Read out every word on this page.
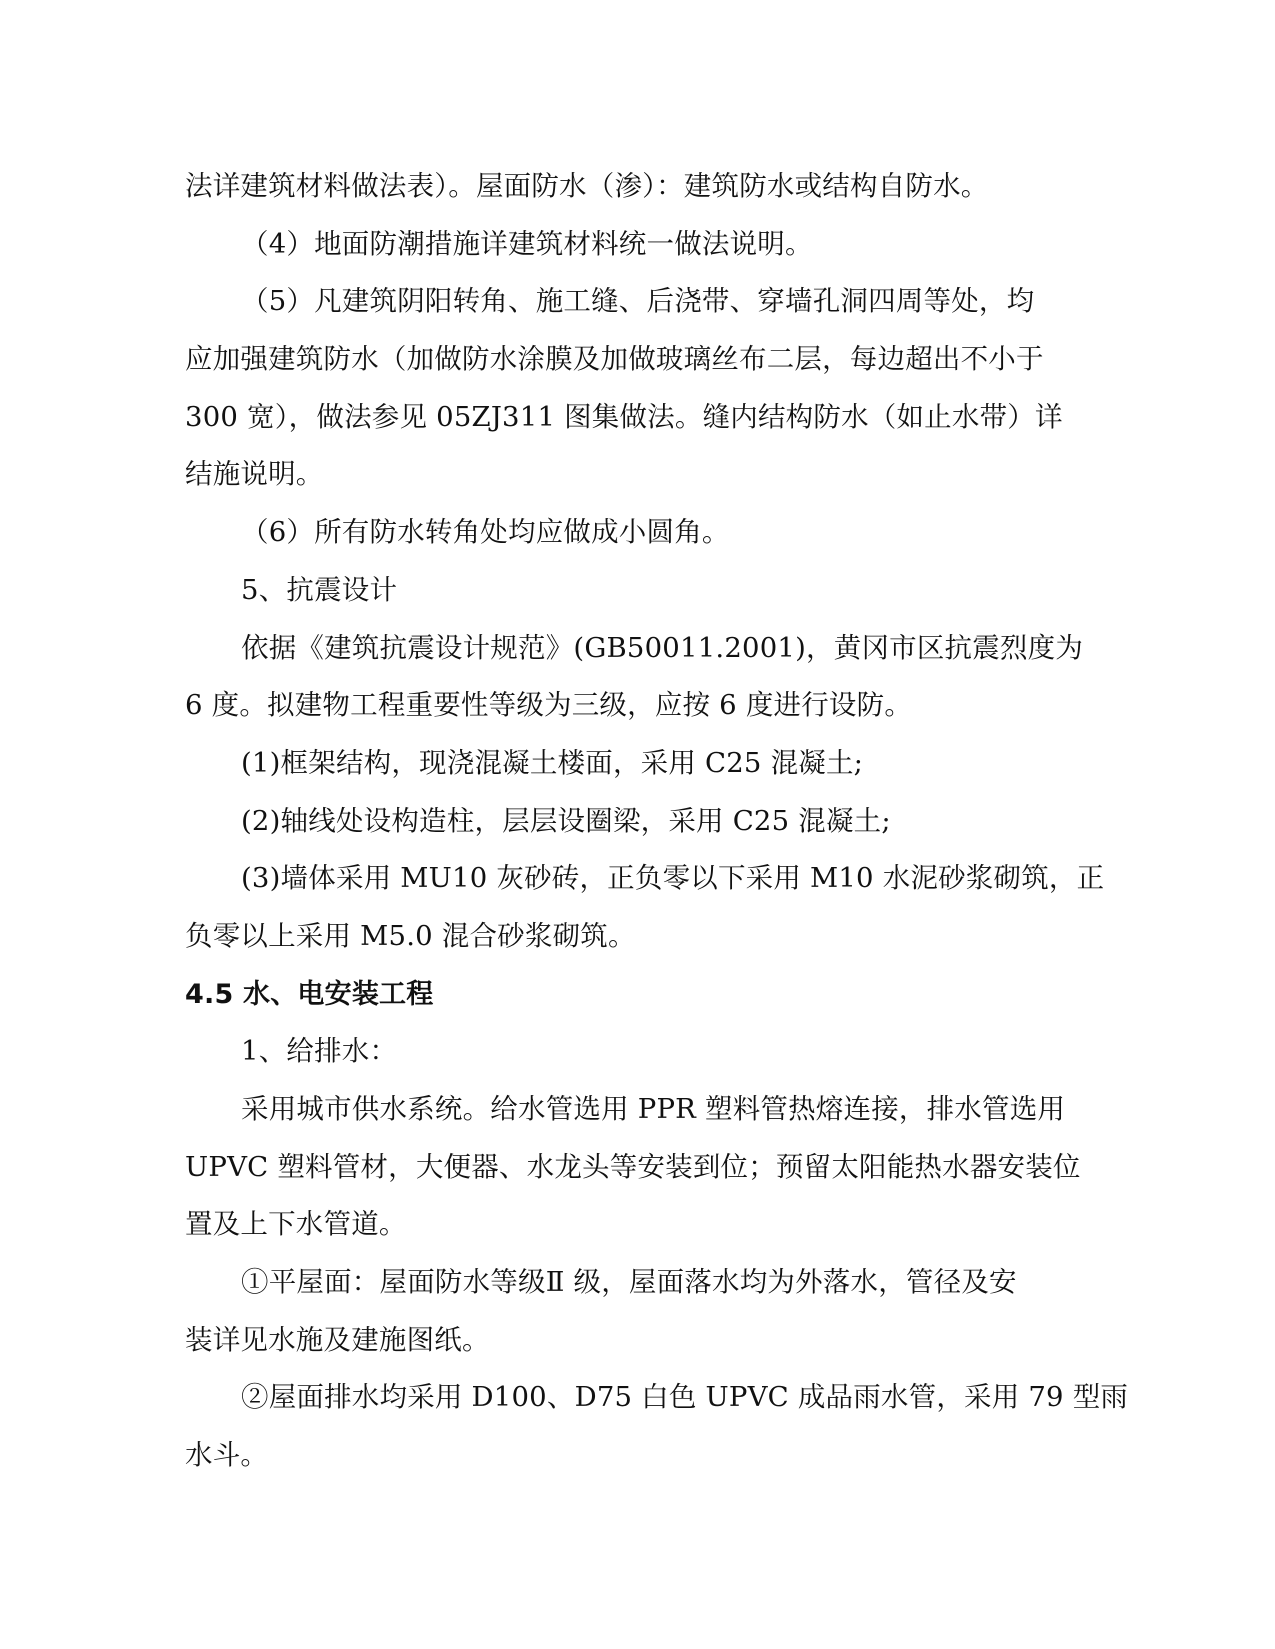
法详建筑材料做法表）。屋面防水（渗）：建筑防水或结构自防水。
（4）地面防潮措施详建筑材料统一做法说明。
（5）凡建筑阴阳转角、施工缝、后浇带、穿墙孔洞四周等处，均
应加强建筑防水（加做防水涂膜及加做玻璃丝布二层，每边超出不小于
300 宽），做法参见 05ZJ311 图集做法。缝内结构防水（如止水带）详
结施说明。
（6）所有防水转角处均应做成小圆角。
5、抗震设计
依据《建筑抗震设计规范》(GB50011.2001)，黄冈市区抗震烈度为
6 度。拟建物工程重要性等级为三级，应按 6 度进行设防。
(1)框架结构，现浇混凝土楼面，采用 C25 混凝土;
(2)轴线处设构造柱，层层设圈梁，采用 C25 混凝土;
(3)墙体采用 MU10 灰砂砖，正负零以下采用 M10 水泥砂浆砌筑，正
负零以上采用 M5.0 混合砂浆砌筑。
4.5 水、电安装工程
1、给排水：
采用城市供水系统。给水管选用 PPR 塑料管热熔连接，排水管选用
UPVC 塑料管材，大便器、水龙头等安装到位；预留太阳能热水器安装位
置及上下水管道。
①平屋面：屋面防水等级Ⅱ 级，屋面落水均为外落水，管径及安
装详见水施及建施图纸。
②屋面排水均采用 D100、D75 白色 UPVC 成品雨水管，采用 79 型雨
水斗。
